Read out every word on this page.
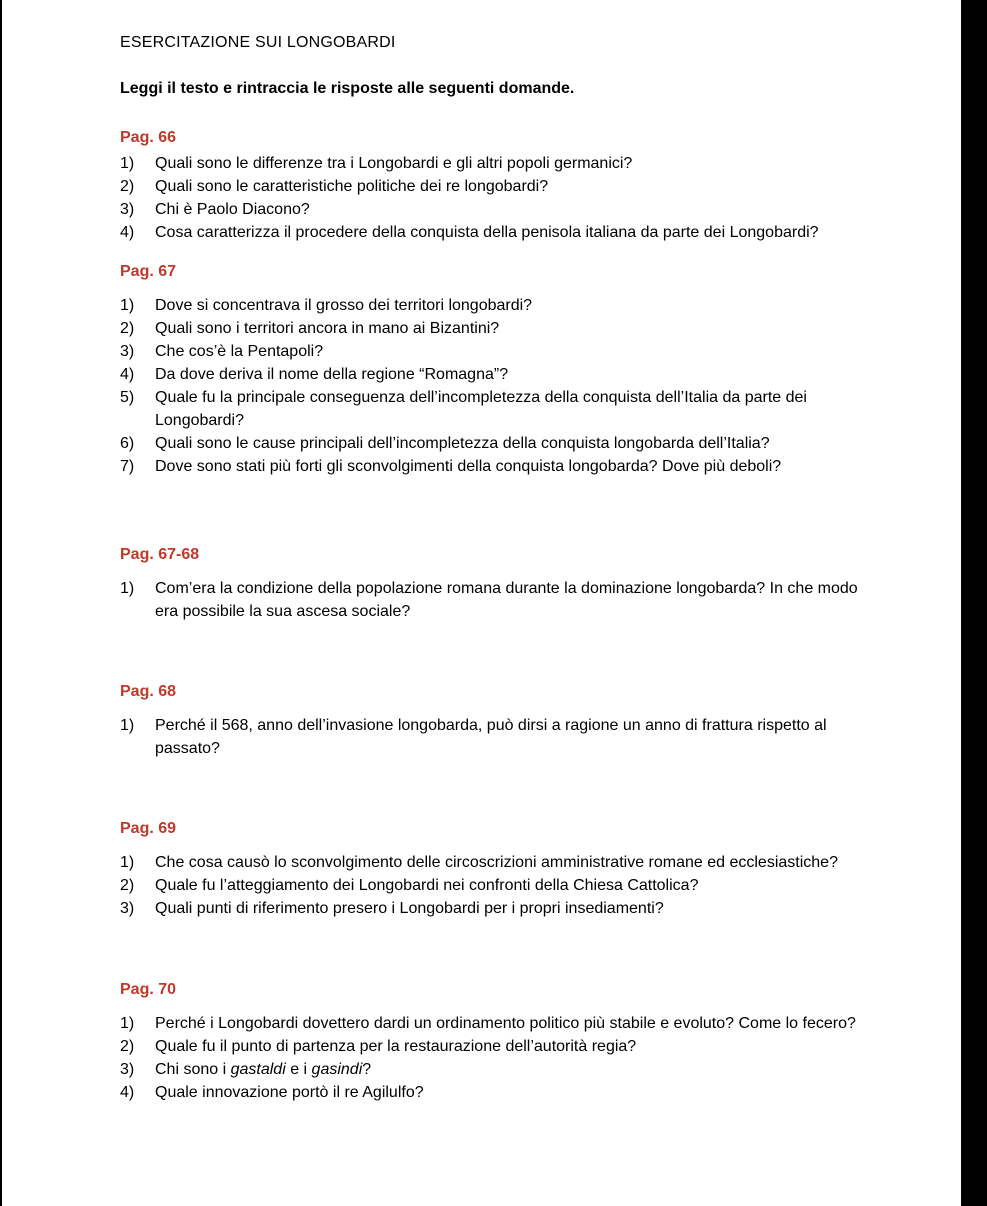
ESERCITAZIONE SUI LONGOBARDI
Leggi il testo e rintraccia le risposte alle seguenti domande.

Pag. 66

1) Quali sono le differenze tra i Longobardi e gli altri popoli germanici?
2) Quali sono le caratteristiche politiche dei re longobardi?
3) Chi è Paolo Diacono?
4) Cosa caratterizza il procedere della conquista della penisola italiana da parte dei Longobardi?

Pag. 67

1) Dove si concentrava il grosso dei territori longobardi?
2) Quali sono i territori ancora in mano ai Bizantini?
3) Che cos’è la Pentapoli?
4) Da dove deriva il nome della regione “Romagna”?
5) Quale fu la principale conseguenza dell’incompletezza della conquista dell’Italia da parte dei Longobardi?
6) Quali sono le cause principali dell’incompletezza della conquista longobarda dell’Italia?
7) Dove sono stati più forti gli sconvolgimenti della conquista longobarda? Dove più deboli?

Pag. 67-68

1) Com’era la condizione della popolazione romana durante la dominazione longobarda? In che modo era possibile la sua ascesa sociale?

Pag. 68

1) Perché il 568, anno dell’invasione longobarda, può dirsi a ragione un anno di frattura rispetto al passato?

Pag. 69

1) Che cosa causò lo sconvolgimento delle circoscrizioni amministrative romane ed ecclesiastiche?
2) Quale fu l’atteggiamento dei Longobardi nei confronti della Chiesa Cattolica?
3) Quali punti di riferimento presero i Longobardi per i propri insediamenti?

Pag. 70

1) Perché i Longobardi dovettero dardi un ordinamento politico più stabile e evoluto? Come lo fecero?
2) Quale fu il punto di partenza per la restaurazione dell’autorità regia?
3) Chi sono i gastaldi e i gasindi?
4) Quale innovazione portò il re Agilulfo?
